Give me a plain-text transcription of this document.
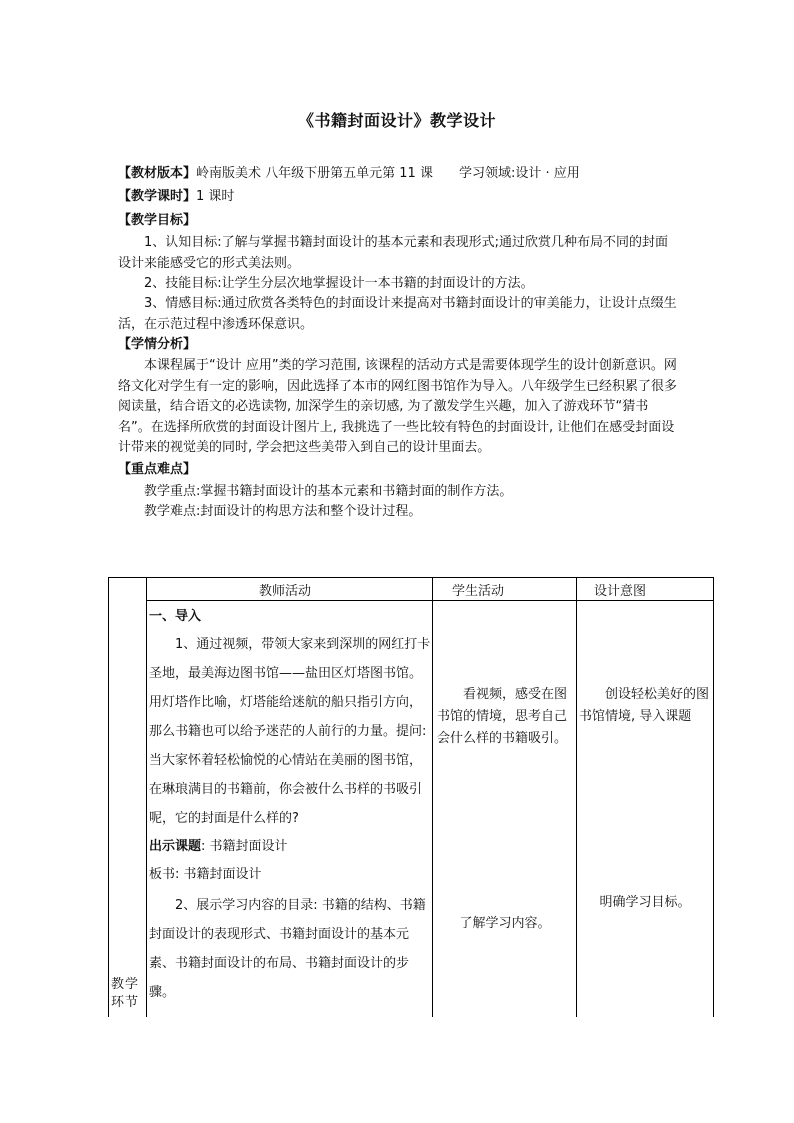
《书籍封面设计》教学设计
【教材版本】岭南版美术 八年级下册第五单元第 11 课 学习领域:设计 · 应用
【教学课时】1 课时
【教学目标】
1、认知目标:了解与掌握书籍封面设计的基本元素和表现形式;通过欣赏几种布局不同的封面设计来能感受它的形式美法则。
2、技能目标:让学生分层次地掌握设计一本书籍的封面设计的方法。
3、情感目标:通过欣赏各类特色的封面设计来提高对书籍封面设计的审美能力，让设计点缀生活，在示范过程中渗透环保意识。
【学情分析】
本课程属于“设计 应用”类的学习范围, 该课程的活动方式是需要体现学生的设计创新意识。网络文化对学生有一定的影响，因此选择了本市的网红图书馆作为导入。八年级学生已经积累了很多阅读量，结合语文的必选读物, 加深学生的亲切感, 为了激发学生兴趣，加入了游戏环节“猜书名”。在选择所欣赏的封面设计图片上, 我挑选了一些比较有特色的封面设计, 让他们在感受封面设计带来的视觉美的同时, 学会把这些美带入到自己的设计里面去。
【重点难点】
教学重点:掌握书籍封面设计的基本元素和书籍封面的制作方法。
教学难点:封面设计的构思方法和整个设计过程。
教师活动	学生活动	设计意图
教学环节
一、导入
1、通过视频，带领大家来到深圳的网红打卡圣地，最美海边图书馆——盐田区灯塔图书馆。用灯塔作比喻，灯塔能给迷航的船只指引方向，那么书籍也可以给予迷茫的人前行的力量。提问: 当大家怀着轻松愉悦的心情站在美丽的图书馆，在琳琅满目的书籍前，你会被什么书样的书吸引呢，它的封面是什么样的?
出示课题: 书籍封面设计
板书: 书籍封面设计
2、展示学习内容的目录: 书籍的结构、书籍封面设计的表现形式、书籍封面设计的基本元素、书籍封面设计的布局、书籍封面设计的步骤。
看视频，感受在图书馆的情境，思考自己会什么样的书籍吸引。
了解学习内容。
创设轻松美好的图书馆情境, 导入课题
明确学习目标。
